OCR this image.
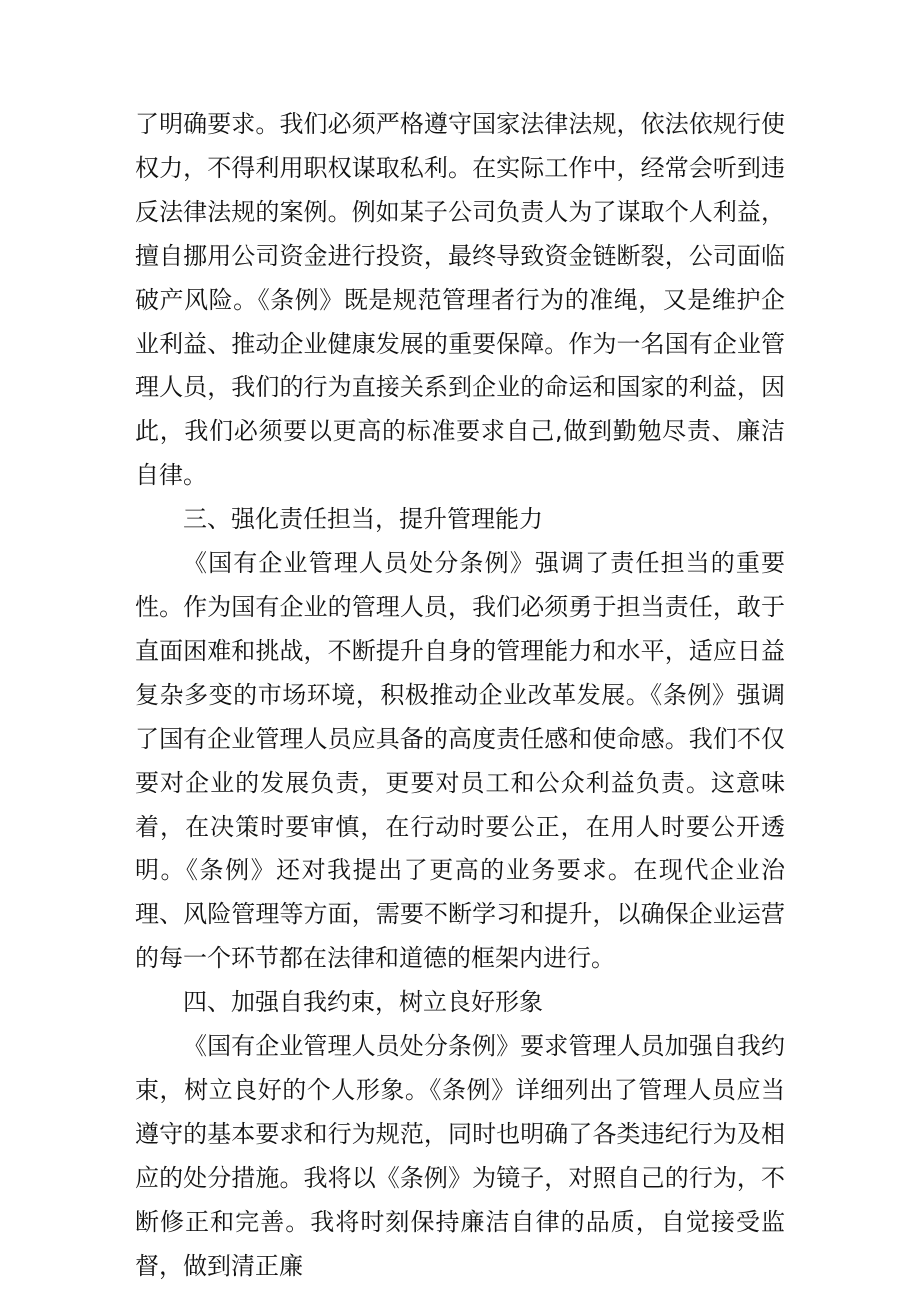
了明确要求。我们必须严格遵守国家法律法规，依法依规行使权力，不得利用职权谋取私利。在实际工作中，经常会听到违反法律法规的案例。例如某子公司负责人为了谋取个人利益，擅自挪用公司资金进行投资，最终导致资金链断裂，公司面临破产风险。《条例》既是规范管理者行为的准绳，又是维护企业利益、推动企业健康发展的重要保障。作为一名国有企业管理人员，我们的行为直接关系到企业的命运和国家的利益，因此，我们必须要以更高的标准要求自己,做到勤勉尽责、廉洁自律。

三、强化责任担当，提升管理能力

《国有企业管理人员处分条例》强调了责任担当的重要性。作为国有企业的管理人员，我们必须勇于担当责任，敢于直面困难和挑战，不断提升自身的管理能力和水平，适应日益复杂多变的市场环境，积极推动企业改革发展。《条例》强调了国有企业管理人员应具备的高度责任感和使命感。我们不仅要对企业的发展负责，更要对员工和公众利益负责。这意味着，在决策时要审慎，在行动时要公正，在用人时要公开透明。《条例》还对我提出了更高的业务要求。在现代企业治理、风险管理等方面，需要不断学习和提升，以确保企业运营的每一个环节都在法律和道德的框架内进行。

四、加强自我约束，树立良好形象

《国有企业管理人员处分条例》要求管理人员加强自我约束，树立良好的个人形象。《条例》详细列出了管理人员应当遵守的基本要求和行为规范，同时也明确了各类违纪行为及相应的处分措施。我将以《条例》为镜子，对照自己的行为，不断修正和完善。我将时刻保持廉洁自律的品质，自觉接受监督，做到清正廉
